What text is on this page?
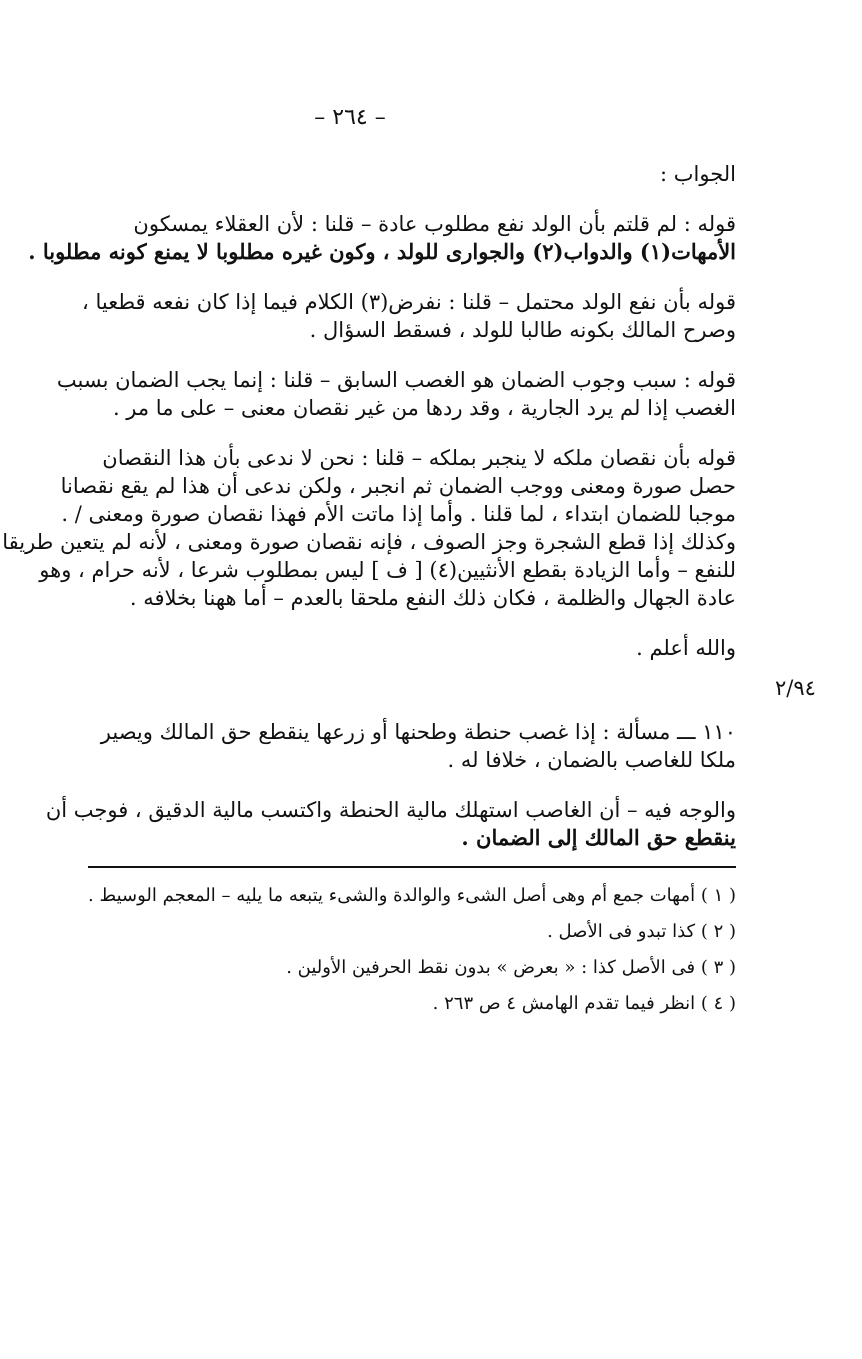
– ٢٦٤ –
٢/٩٤

الجواب :

قوله : لم قلتم بأن الولد نفع مطلوب عادة – قلنا : لأن العقلاء يمسكون

الأمهات(١) والدواب(٢) والجوارى للولد ، وكون غيره مطلوبا لا يمنع كونه مطلوبا .

قوله بأن نفع الولد محتمل – قلنا : نفرض(٣) الكلام فيما إذا كان نفعه قطعيا ،

وصرح المالك بكونه طالبا للولد ، فسقط السؤال .

قوله : سبب وجوب الضمان هو الغصب السابق – قلنا : إنما يجب الضمان بسبب

الغصب إذا لم يرد الجارية ، وقد ردها من غير نقصان معنى – على ما مر .

قوله بأن نقصان ملكه لا ينجبر بملكه – قلنا : نحن لا ندعى بأن هذا النقصان

حصل صورة ومعنى ووجب الضمان ثم انجبر ، ولكن ندعى أن هذا لم يقع نقصانا

موجبا للضمان ابتداء ، لما قلنا . وأما إذا ماتت الأم فهذا نقصان صورة ومعنى / .

وكذلك إذا قطع الشجرة وجز الصوف ، فإنه نقصان صورة ومعنى ، لأنه لم يتعين طريقا

للنفع – وأما الزيادة بقطع الأنثيين(٤) [ ف ] ليس بمطلوب شرعا ، لأنه حرام ، وهو

عادة الجهال والظلمة ، فكان ذلك النفع ملحقا بالعدم – أما ههنا بخلافه .

والله أعلم .

١١٠ ـــ مسألة : إذا غصب حنطة وطحنها أو زرعها ينقطع حق المالك ويصير

ملكا للغاصب بالضمان ، خلافا له .

والوجه فيه – أن الغاصب استهلك مالية الحنطة واكتسب مالية الدقيق ، فوجب أن

ينقطع حق المالك إلى الضمان .

( ١ ) أمهات جمع أم وهى أصل الشىء والوالدة والشىء يتبعه ما يليه – المعجم الوسيط .
( ٢ ) كذا تبدو فى الأصل .
( ٣ ) فى الأصل كذا : « بعرض » بدون نقط الحرفين الأولين .
( ٤ ) انظر فيما تقدم الهامش ٤ ص ٢٦٣ .
